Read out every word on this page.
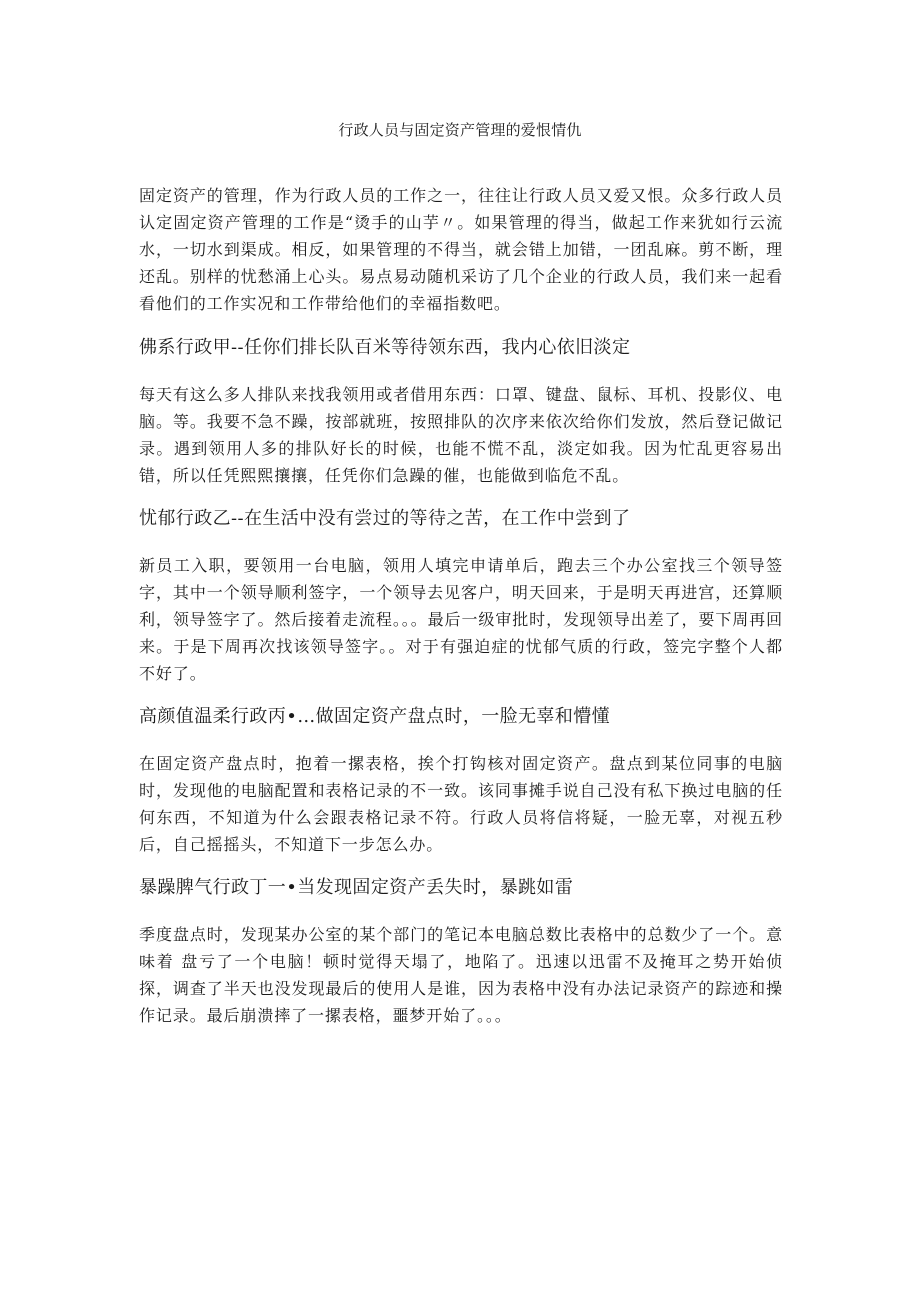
行政人员与固定资产管理的爱恨情仇

固定资产的管理，作为行政人员的工作之一，往往让行政人员又爱又恨。众多行政人员认定固定资产管理的工作是“烫手的山芋〃。如果管理的得当，做起工作来犹如行云流水，一切水到渠成。相反，如果管理的不得当，就会错上加错，一团乱麻。剪不断，理还乱。别样的忧愁涌上心头。易点易动随机采访了几个企业的行政人员，我们来一起看看他们的工作实况和工作带给他们的幸福指数吧。

佛系行政甲--任你们排长队百米等待领东西，我内心依旧淡定

每天有这么多人排队来找我领用或者借用东西：口罩、键盘、鼠标、耳机、投影仪、电脑。等。我要不急不躁，按部就班，按照排队的次序来依次给你们发放，然后登记做记录。遇到领用人多的排队好长的时候，也能不慌不乱，淡定如我。因为忙乱更容易出错，所以任凭熙熙攘攘，任凭你们急躁的催，也能做到临危不乱。

忧郁行政乙--在生活中没有尝过的等待之苦，在工作中尝到了

新员工入职，要领用一台电脑，领用人填完申请单后，跑去三个办公室找三个领导签字，其中一个领导顺利签字，一个领导去见客户，明天回来，于是明天再进宫，还算顺利，领导签字了。然后接着走流程。。。最后一级审批时，发现领导出差了，要下周再回来。于是下周再次找该领导签字。。对于有强迫症的忧郁气质的行政，签完字整个人都不好了。

高颜值温柔行政丙•…做固定资产盘点时，一脸无辜和懵懂

在固定资产盘点时，抱着一摞表格，挨个打钩核对固定资产。盘点到某位同事的电脑时，发现他的电脑配置和表格记录的不一致。该同事摊手说自己没有私下换过电脑的任何东西，不知道为什么会跟表格记录不符。行政人员将信将疑，一脸无辜，对视五秒后，自己摇摇头，不知道下一步怎么办。

暴躁脾气行政丁一•当发现固定资产丢失时，暴跳如雷

季度盘点时，发现某办公室的某个部门的笔记本电脑总数比表格中的总数少了一个。意味着 盘亏了一个电脑！顿时觉得天塌了，地陷了。迅速以迅雷不及掩耳之势开始侦探，调查了半天也没发现最后的使用人是谁，因为表格中没有办法记录资产的踪迹和操作记录。最后崩溃摔了一摞表格，噩梦开始了。。。
